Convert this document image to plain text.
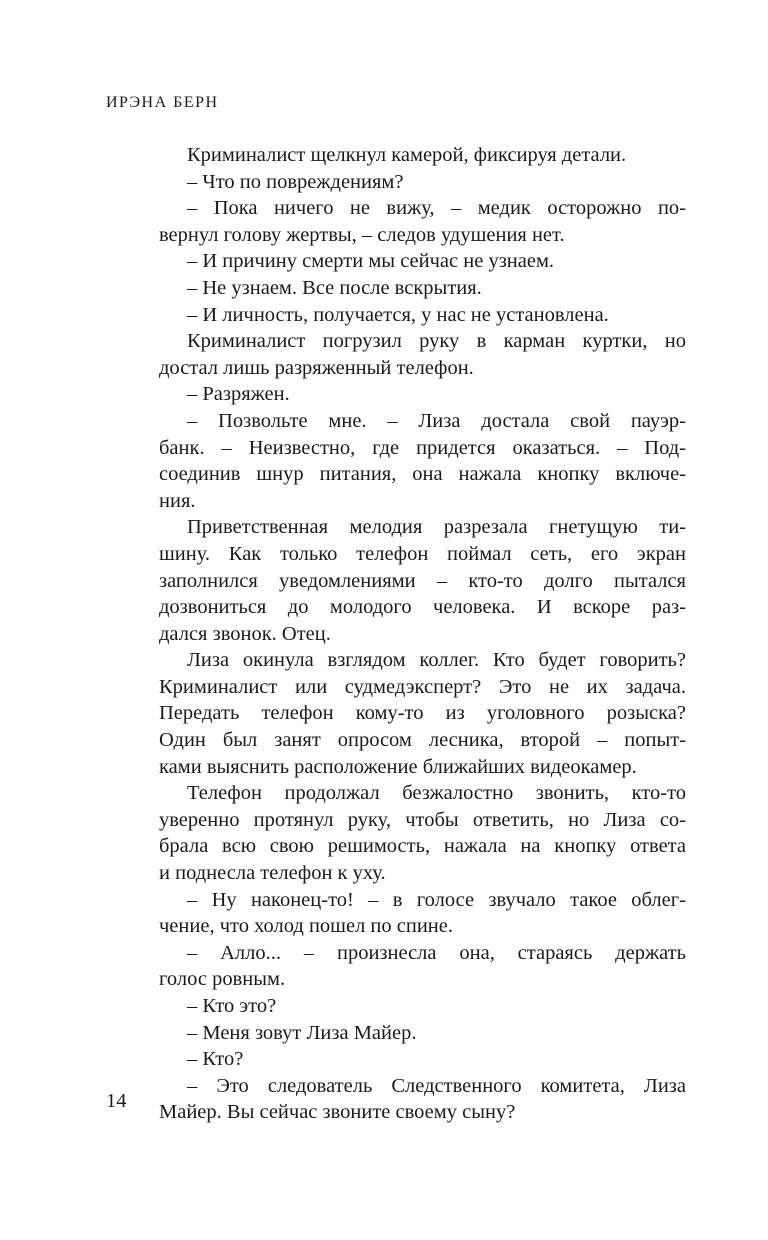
ИРЭНА БЕРН
Криминалист щелкнул камерой, фиксируя детали.
– Что по повреждениям?
– Пока ничего не вижу, – медик осторожно по-
вернул голову жертвы, – следов удушения нет.
– И причину смерти мы сейчас не узнаем.
– Не узнаем. Все после вскрытия.
– И личность, получается, у нас не установлена.
Криминалист погрузил руку в карман куртки, но
достал лишь разряженный телефон.
– Разряжен.
– Позвольте мне. – Лиза достала свой пауэр-
банк. – Неизвестно, где придется оказаться. – Под-
соединив шнур питания, она нажала кнопку включе-
ния.
Приветственная мелодия разрезала гнетущую ти-
шину. Как только телефон поймал сеть, его экран
заполнился уведомлениями – кто-то долго пытался
дозвониться до молодого человека. И вскоре раз-
дался звонок. Отец.
Лиза окинула взглядом коллег. Кто будет говорить?
Криминалист или судмедэксперт? Это не их задача.
Передать телефон кому-то из уголовного розыска?
Один был занят опросом лесника, второй – попыт-
ками выяснить расположение ближайших видеокамер.
Телефон продолжал безжалостно звонить, кто-то
уверенно протянул руку, чтобы ответить, но Лиза со-
брала всю свою решимость, нажала на кнопку ответа
и поднесла телефон к уху.
– Ну наконец-то! – в голосе звучало такое облег-
чение, что холод пошел по спине.
– Алло... – произнесла она, стараясь держать
голос ровным.
– Кто это?
– Меня зовут Лиза Майер.
– Кто?
– Это следователь Следственного комитета, Лиза
Майер. Вы сейчас звоните своему сыну?
14
